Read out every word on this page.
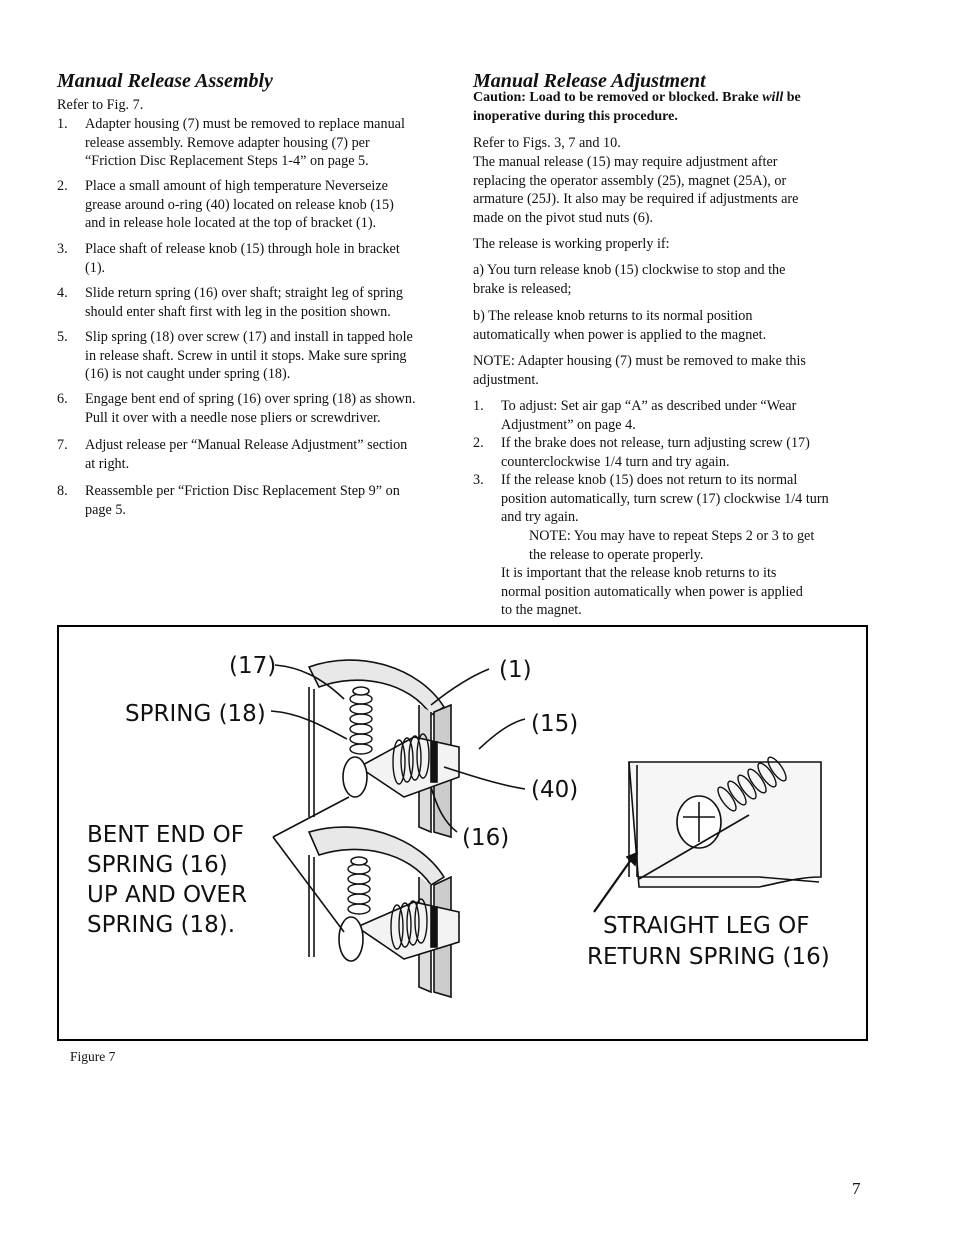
Manual Release Assembly
Refer to Fig. 7.
1. Adapter housing (7) must be removed to replace manual
release assembly. Remove adapter housing (7) per
“Friction Disc Replacement Steps 1-4” on page 5.
2. Place a small amount of high temperature Neverseize
grease around o-ring (40) located on release knob (15)
and in release hole located at the top of bracket (1).
3. Place shaft of release knob (15) through hole in bracket
(1).
4. Slide return spring (16) over shaft; straight leg of spring
should enter shaft first with leg in the position shown.
5. Slip spring (18) over screw (17) and install in tapped hole
in release shaft. Screw in until it stops. Make sure spring
(16) is not caught under spring (18).
6. Engage bent end of spring (16) over spring (18) as shown.
Pull it over with a needle nose pliers or screwdriver.
7. Adjust release per “Manual Release Adjustment” section
at right.
8. Reassemble per “Friction Disc Replacement Step 9” on
page 5.
Manual Release Adjustment
Caution: Load to be removed or blocked. Brake will be
inoperative during this procedure.
Refer to Figs. 3, 7 and 10.
The manual release (15) may require adjustment after
replacing the operator assembly (25), magnet (25A), or
armature (25J). It also may be required if adjustments are
made on the pivot stud nuts (6).
The release is working properly if:
a) You turn release knob (15) clockwise to stop and the
brake is released;
b) The release knob returns to its normal position
automatically when power is applied to the magnet.
NOTE: Adapter housing (7) must be removed to make this
adjustment.
1. To adjust: Set air gap “A” as described under “Wear
Adjustment” on page 4.
2. If the brake does not release, turn adjusting screw (17)
counterclockwise 1/4 turn and try again.
3. If the release knob (15) does not return to its normal
position automatically, turn screw (17) clockwise 1/4 turn
and try again.
NOTE: You may have to repeat Steps 2 or 3 to get
the release to operate properly.
It is important that the release knob returns to its
normal position automatically when power is applied
to the magnet.
(17)
SPRING (18)
(1)
(15)
(40)
(16)
BENT END OF
SPRING (16)
UP AND OVER
SPRING (18).	STRAIGHT LEG OF
RETURN SPRING (16)
Figure 7
7
